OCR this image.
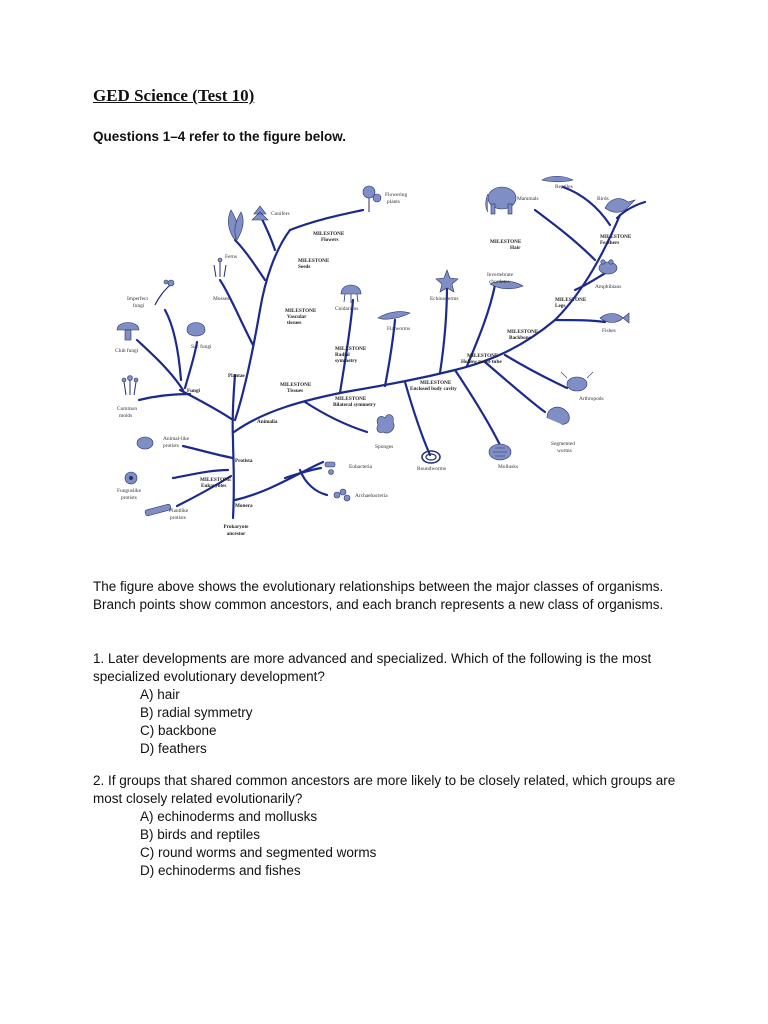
GED Science (Test 10)

Questions 1–4 refer to the figure below.

Prokaryote
ancestor
Monera
Protista
Fungi
Plantae
Animalia
Eubacteria
Archaebacteria
Animal-like
protists
Funguslike
protists
Plantlike
protists
Common
molds
Club fungi
Sac fungi
Imperfect
fungi
Mosses
Ferns
Conifers
Flowering
plants
Sponges
Cnidarians
Flatworms
Roundworms
Echinoderms
Invertebrate
chordates
Mollusks
Segmented
worms
Arthropods
Fishes
Amphibians
Reptiles
Birds
Mammals
MILESTONE
Eukaryotes
MILESTONE
Tissues
MILESTONE
Vascular
tissues
MILESTONE
Seeds
MILESTONE
Flowers
MILESTONE
Radial
symmetry
MILESTONE
Bilateral symmetry
MILESTONE
Enclosed body cavity
MILESTONE
Hollow nerve tube
MILESTONE
Backbone
MILESTONE
Legs
MILESTONE
Hair
MILESTONE
Feathers

The figure above shows the evolutionary relationships between the major classes of organisms. Branch points show common ancestors, and each branch represents a new class of organisms.

1. Later developments are more advanced and specialized. Which of the following is the most specialized evolutionary development?

A) hair

B) radial symmetry

C) backbone

D) feathers

2. If groups that shared common ancestors are more likely to be closely related, which groups are most closely related evolutionarily?

A) echinoderms and mollusks

B) birds and reptiles

C) round worms and segmented worms

D) echinoderms and fishes
